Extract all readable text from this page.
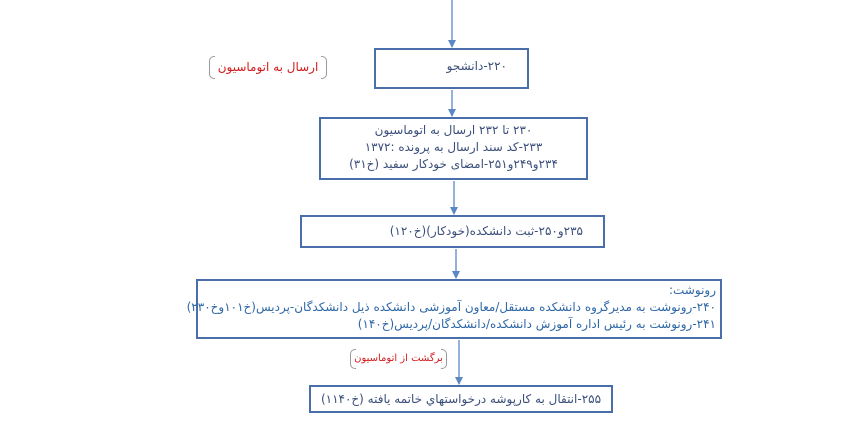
ارسال به اتوماسیون	۲۲۰-دانشجو
۲۳۰ تا ۲۳۲ ارسال به اتوماسیون
۲۳۳-کد سند ارسال به پرونده :۱۳۷۲
۲۳۴و۲۴۹و۲۵۱-امضای خودکار سفید (خ۳۱)
۲۳۵و۲۵۰-ثبت دانشکده(خودکار)(خ۱۲۰)
رونوشت:
۲۴۰-رونوشت به مدیرگروه دانشکده مستقل/معاون آموزشی دانشکده ذیل دانشکدگان-پردیس(خ۱۰۱وخ۲۳۰)
۲۴۱-رونوشت به رئیس اداره آموزش دانشکده/دانشکدگان/پردیس(خ۱۴۰)
برگشت از اتوماسیون
۲۵۵-انتقال به کارپوشه درخواستهاي خاتمه يافته (خ۱۱۴۰)
